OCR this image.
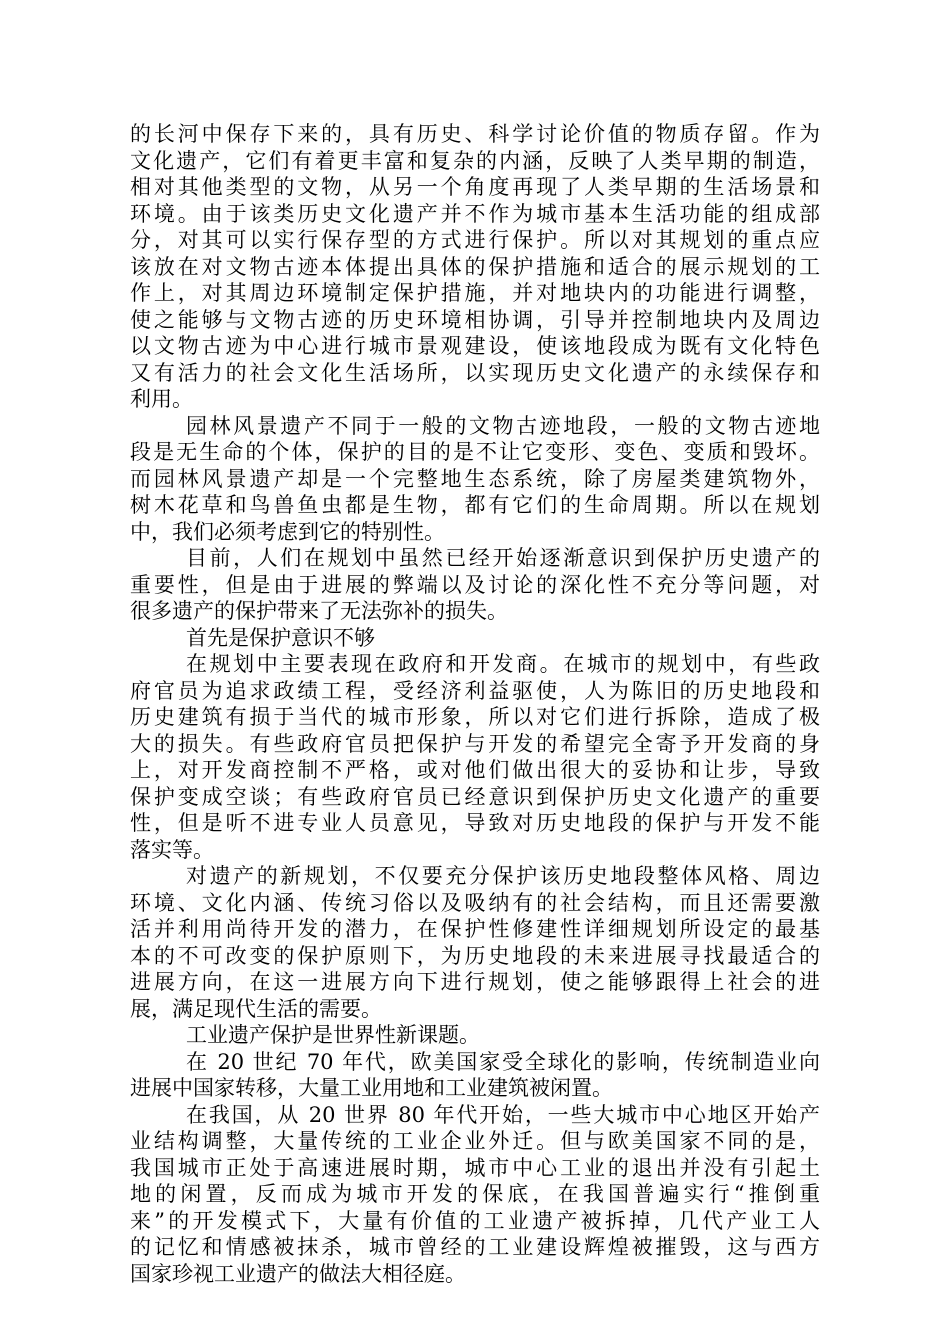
的长河中保存下来的，具有历史、科学讨论价值的物质存留。作为
文化遗产，它们有着更丰富和复杂的内涵，反映了人类早期的制造，
相对其他类型的文物，从另一个角度再现了人类早期的生活场景和
环境。由于该类历史文化遗产并不作为城市基本生活功能的组成部
分，对其可以实行保存型的方式进行保护。所以对其规划的重点应
该放在对文物古迹本体提出具体的保护措施和适合的展示规划的工
作上，对其周边环境制定保护措施，并对地块内的功能进行调整，
使之能够与文物古迹的历史环境相协调，引导并控制地块内及周边
以文物古迹为中心进行城市景观建设，使该地段成为既有文化特色
又有活力的社会文化生活场所，以实现历史文化遗产的永续保存和
利用。
园林风景遗产不同于一般的文物古迹地段，一般的文物古迹地
段是无生命的个体，保护的目的是不让它变形、变色、变质和毁坏。
而园林风景遗产却是一个完整地生态系统，除了房屋类建筑物外，
树木花草和鸟兽鱼虫都是生物，都有它们的生命周期。所以在规划
中，我们必须考虑到它的特别性。
目前，人们在规划中虽然已经开始逐渐意识到保护历史遗产的
重要性，但是由于进展的弊端以及讨论的深化性不充分等问题，对
很多遗产的保护带来了无法弥补的损失。
首先是保护意识不够
在规划中主要表现在政府和开发商。在城市的规划中，有些政
府官员为追求政绩工程，受经济利益驱使，人为陈旧的历史地段和
历史建筑有损于当代的城市形象，所以对它们进行拆除，造成了极
大的损失。有些政府官员把保护与开发的希望完全寄予开发商的身
上，对开发商控制不严格，或对他们做出很大的妥协和让步，导致
保护变成空谈；有些政府官员已经意识到保护历史文化遗产的重要
性，但是听不进专业人员意见，导致对历史地段的保护与开发不能
落实等。
对遗产的新规划，不仅要充分保护该历史地段整体风格、周边
环境、文化内涵、传统习俗以及吸纳有的社会结构，而且还需要激
活并利用尚待开发的潜力，在保护性修建性详细规划所设定的最基
本的不可改变的保护原则下，为历史地段的未来进展寻找最适合的
进展方向，在这一进展方向下进行规划，使之能够跟得上社会的进
展，满足现代生活的需要。
工业遗产保护是世界性新课题。
在 20 世纪 70 年代，欧美国家受全球化的影响，传统制造业向
进展中国家转移，大量工业用地和工业建筑被闲置。
在我国，从 20 世界 80 年代开始，一些大城市中心地区开始产
业结构调整，大量传统的工业企业外迁。但与欧美国家不同的是，
我国城市正处于高速进展时期，城市中心工业的退出并没有引起土
地的闲置，反而成为城市开发的保底，在我国普遍实行“推倒重
来”的开发模式下，大量有价值的工业遗产被拆掉，几代产业工人
的记忆和情感被抹杀，城市曾经的工业建设辉煌被摧毁，这与西方
国家珍视工业遗产的做法大相径庭。
